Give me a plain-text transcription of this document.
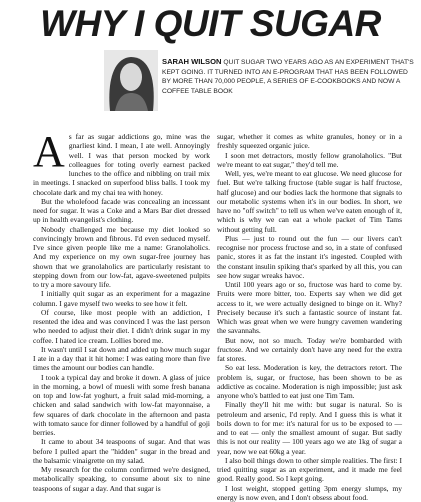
WHY I QUIT SUGAR
SARAH WILSON QUIT SUGAR TWO YEARS AGO AS AN EXPERIMENT THAT'S KEPT GOING. IT TURNED INTO AN E-PROGRAM THAT HAS BEEN FOLLOWED BY MORE THAN 70,000 PEOPLE, A SERIES OF E-COOKBOOKS AND NOW A COFFEE TABLE BOOK

As far as sugar addictions go, mine was the gnarliest kind. I mean, I ate well. Annoyingly well. I was that person mocked by work colleagues for toting overly earnest packed lunches to the office and nibbling on trail mix in meetings. I snacked on superfood bliss balls. I took my chocolate dark and my chai tea with honey.

But the wholefood facade was concealing an incessant need for sugar. It was a Coke and a Mars Bar diet dressed up in health evangelist's clothing.

Nobody challenged me because my diet looked so convincingly brown and fibrous. I'd even seduced myself. I've since given people like me a name: Granolaholics. And my experience on my own sugar-free journey has shown that we granolaholics are particularly resistant to stepping down from our low-fat, agave-sweetened pulpits to try a more savoury life.

I initially quit sugar as an experiment for a magazine column. I gave myself two weeks to see how it felt.

Of course, like most people with an addiction, I resented the idea and was convinced I was the last person who needed to adjust their diet. I didn't drink sugar in my coffee. I hated ice cream. Lollies bored me.

It wasn't until I sat down and added up how much sugar I ate in a day that it hit home: I was eating more than five times the amount our bodies can handle.

I took a typical day and broke it down. A glass of juice in the morning, a bowl of muesli with some fresh banana on top and low-fat yoghurt, a fruit salad mid-morning, a chicken and salad sandwich with low-fat mayonnaise, a few squares of dark chocolate in the afternoon and pasta with tomato sauce for dinner followed by a handful of goji berries.

It came to about 34 teaspoons of sugar. And that was before I pulled apart the "hidden" sugar in the bread and the balsamic vinaigrette on my salad.

My research for the column confirmed we're designed, metabolically speaking, to consume about six to nine teaspoons of sugar a day. And that sugar is

sugar, whether it comes as white granules, honey or in a freshly squeezed organic juice.

I soon met detractors, mostly fellow granolaholics. "But we're meant to eat sugar," they'd tell me.

Well, yes, we're meant to eat glucose. We need glucose for fuel. But we're talking fructose (table sugar is half fructose, half glucose) and our bodies lack the hormone that signals to our metabolic systems when it's in our bodies. In short, we have no "off switch" to tell us when we've eaten enough of it, which is why we can eat a whole packet of Tim Tams without getting full.

Plus — just to round out the fun — our livers can't recognise nor process fructose and so, in a state of confused panic, stores it as fat the instant it's ingested. Coupled with the constant insulin spiking that's sparked by all this, you can see how sugar wreaks havoc.

Until 100 years ago or so, fructose was hard to come by. Fruits were more bitter, too. Experts say when we did get access to it, we were actually designed to binge on it. Why? Precisely because it's such a fantastic source of instant fat. Which was great when we were hungry cavemen wandering the savannahs.

But now, not so much. Today we're bombarded with fructose. And we certainly don't have any need for the extra fat stores.

So eat less. Moderation is key, the detractors retort. The problem is, sugar, or fructose, has been shown to be as addictive as cocaine. Moderation is nigh impossible; just ask anyone who's battled to eat just one Tim Tam.

Finally they'll hit me with: but sugar is natural. So is petroleum and arsenic, I'd reply. And I guess this is what it boils down to for me: it's natural for us to be exposed to — and to eat — only the smallest amount of sugar. But sadly this is not our reality — 100 years ago we ate 1kg of sugar a year, now we eat 60kg a year.

I also boil things down to other simple realities. The first: I tried quitting sugar as an experiment, and it made me feel good. Really good. So I kept going.

I lost weight, stopped getting 3pm energy slumps, my energy is now even, and I don't obsess about food.
